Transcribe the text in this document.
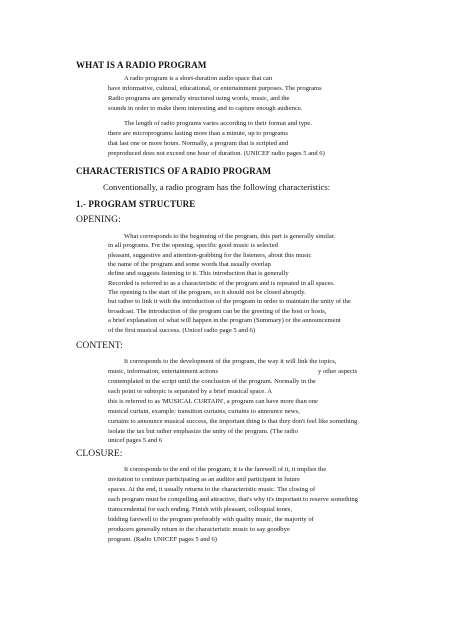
WHAT IS A RADIO PROGRAM
A radio program is a short-duration audio space that can
have informative, cultural, educational, or entertainment purposes. The programs
Radio programs are generally structured using words, music, and the
sounds in order to make them interesting and to capture enough audience.
The length of radio programs varies according to their format and type.
there are microprograms lasting more than a minute, up to programs
that last one or more hours. Normally, a program that is scripted and
preproduced does not exceed one hour of duration. (UNICEF radio pages 5 and 6)
CHARACTERISTICS OF A RADIO PROGRAM
Conventionally, a radio program has the following characteristics:
1.- PROGRAM STRUCTURE
OPENING:
What corresponds to the beginning of the program, this part is generally similar.
in all programs. For the opening, specific good music is selected
pleasant, suggestive and attention-grabbing for the listeners, about this music
the name of the program and some words that usually overlap
define and suggests listening to it. This introduction that is generally
Recorded is referred to as a characteristic of the program and is repeated in all spaces.
The opening is the start of the program, so it should not be closed abruptly.
but rather to link it with the introduction of the program in order to maintain the unity of the
broadcast. The introduction of the program can be the greeting of the host or hosts,
a brief explanation of what will happen in the program (Summary) or the announcement
of the first musical success. (Unicef radio page 5 and 6)
CONTENT:
It corresponds to the development of the program, the way it will link the topics,
music, information, entertainment actions	y other aspects
contemplated in the script until the conclusion of the program. Normally in the
each point or subtopic is separated by a brief musical space. A
this is referred to as 'MUSICAL CURTAIN', a program can have more than one
musical curtain, example: transition curtains, curtains to announce news,
curtains to announce musical success, the important thing is that they don't feel like something
isolate the tax but rather emphasize the unity of the program. (The radio
unicef pages 5 and 6
CLOSURE:
It corresponds to the end of the program, it is the farewell of it, it implies the
invitation to continue participating as an auditor and participant in future
spaces. At the end, it usually returns to the characteristic music. The closing of
each program must be compelling and attractive, that's why it's important to reserve something
transcendental for each ending. Finish with pleasant, colloquial tones,
bidding farewell to the program preferably with quality music, the majority of
producers generally return to the characteristic music to say goodbye
program. (Radio UNICEF pages 5 and 6)
